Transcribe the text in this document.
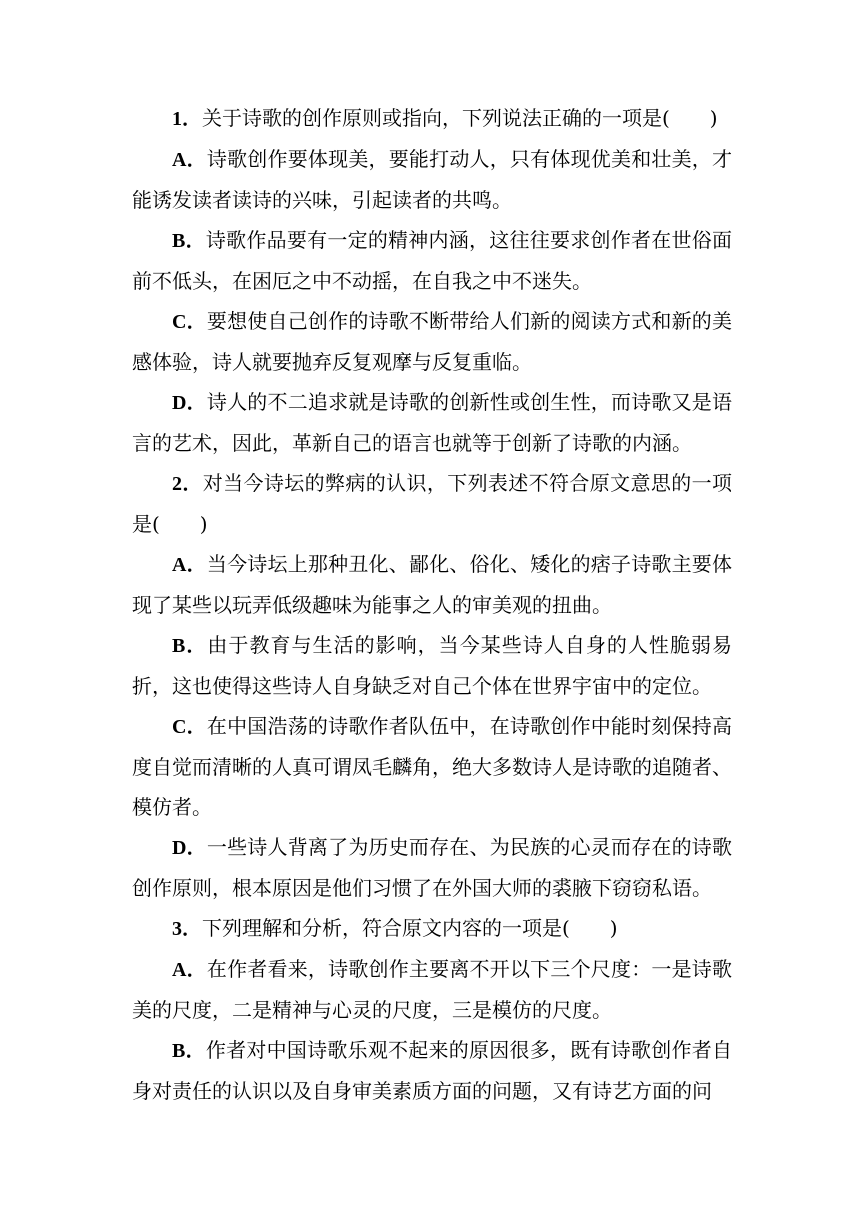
1．关于诗歌的创作原则或指向，下列说法正确的一项是(　　)

A．诗歌创作要体现美，要能打动人，只有体现优美和壮美，才能诱发读者读诗的兴味，引起读者的共鸣。

B．诗歌作品要有一定的精神内涵，这往往要求创作者在世俗面前不低头，在困厄之中不动摇，在自我之中不迷失。

C．要想使自己创作的诗歌不断带给人们新的阅读方式和新的美感体验，诗人就要抛弃反复观摩与反复重临。

D．诗人的不二追求就是诗歌的创新性或创生性，而诗歌又是语言的艺术，因此，革新自己的语言也就等于创新了诗歌的内涵。

2．对当今诗坛的弊病的认识，下列表述不符合原文意思的一项是(　　)

A．当今诗坛上那种丑化、鄙化、俗化、矮化的痞子诗歌主要体现了某些以玩弄低级趣味为能事之人的审美观的扭曲。

B．由于教育与生活的影响，当今某些诗人自身的人性脆弱易折，这也使得这些诗人自身缺乏对自己个体在世界宇宙中的定位。

C．在中国浩荡的诗歌作者队伍中，在诗歌创作中能时刻保持高度自觉而清晰的人真可谓凤毛麟角，绝大多数诗人是诗歌的追随者、模仿者。

D．一些诗人背离了为历史而存在、为民族的心灵而存在的诗歌创作原则，根本原因是他们习惯了在外国大师的裘腋下窃窃私语。

3．下列理解和分析，符合原文内容的一项是(　　)

A．在作者看来，诗歌创作主要离不开以下三个尺度：一是诗歌美的尺度，二是精神与心灵的尺度，三是模仿的尺度。

B．作者对中国诗歌乐观不起来的原因很多，既有诗歌创作者自身对责任的认识以及自身审美素质方面的问题，又有诗艺方面的问
